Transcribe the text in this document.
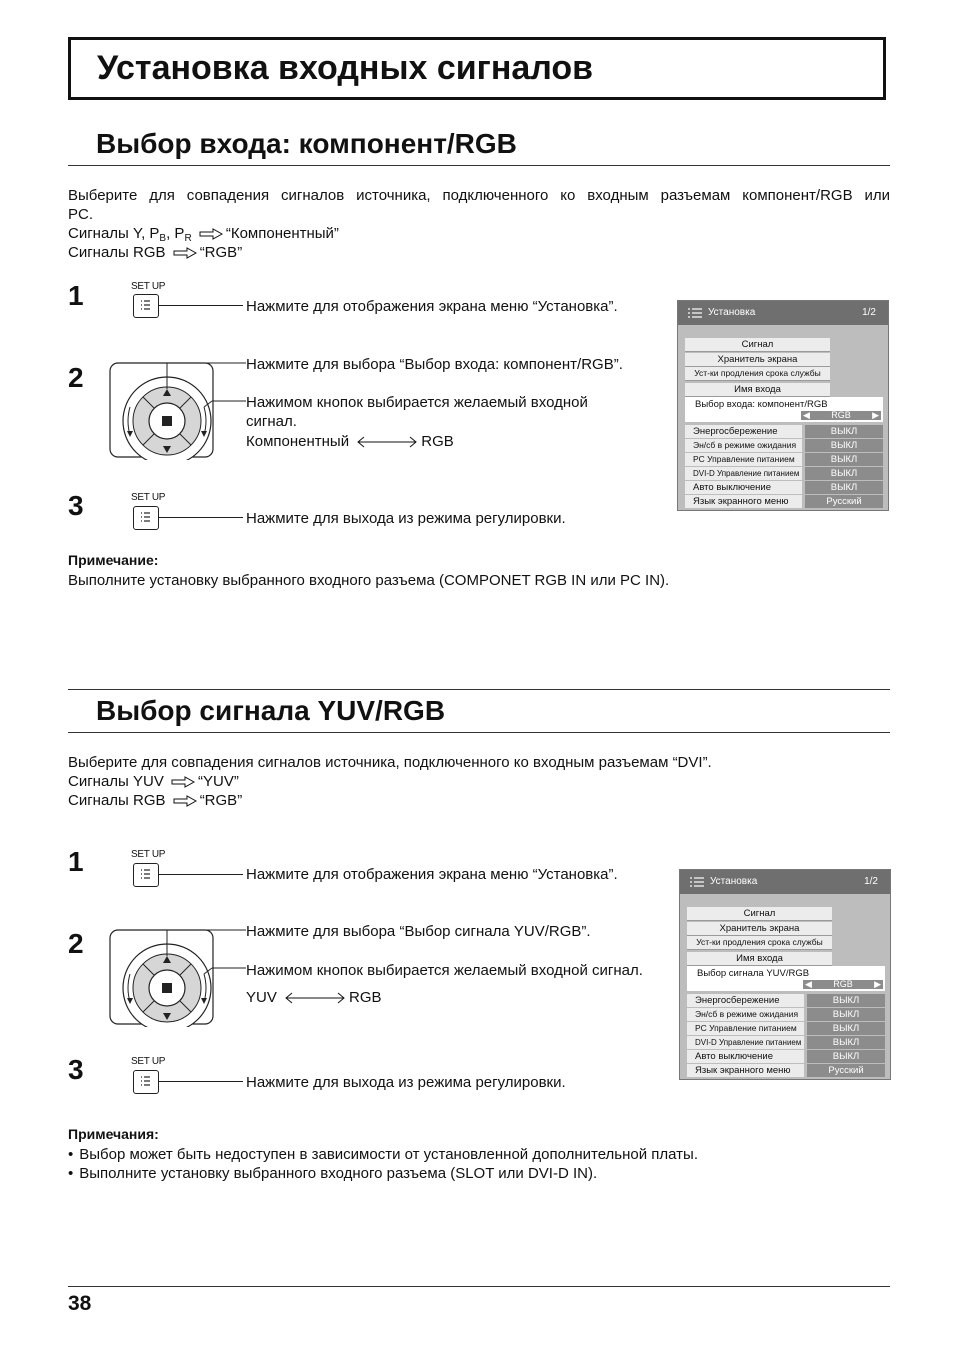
Установка входных сигналов
Выбор входа: компонент/RGB
Выберите для совпадения сигналов источника, подключенного ко входным разъемам компонент/RGB или
PC.
Сигналы Y, $P_B$, $P_R$ “Компонентный”
Сигналы RGB “RGB”
1	SET UP
Нажмите для отображения экрана меню “Установка”.
2	Нажмите для выбора “Выбор входа: компонент/RGB”.
Нажимом кнопок выбирается желаемый входной
сигнал.
Компонентный	RGB
3	SET UP
Нажмите для выхода из режима регулировки.
Установка	1/2
Сигнал
Хранитель экрана
Уст-ки продления срока службы
Имя входа
Выбор входа: компонент/RGB
◀ RGB ▶
Энергосбережение	ВЫКЛ
Эн/сб в режиме ожидания	ВЫКЛ
PC Управление питанием	ВЫКЛ
DVI-D Управление питанием	ВЫКЛ
Авто выключение	ВЫКЛ
Язык экранного меню	Русский
Примечание:
Выполните установку выбранного входного разъема (COMPONET RGB IN или PC IN).
Выбор сигнала YUV/RGB
Выберите для совпадения сигналов источника, подключенного ко входным разъемам “DVI”.
Сигналы YUV “YUV”
Сигналы RGB “RGB”
1	SET UP
Нажмите для отображения экрана меню “Установка”.
2	Нажмите для выбора “Выбор сигнала YUV/RGB”.
Нажимом кнопок выбирается желаемый входной сигнал.
YUV	RGB
3	SET UP
Нажмите для выхода из режима регулировки.
Установка	1/2
Сигнал
Хранитель экрана
Уст-ки продления срока службы
Имя входа
Выбор сигнала YUV/RGB
◀ RGB ▶
Энергосбережение	ВЫКЛ
Эн/сб в режиме ожидания	ВЫКЛ
PC Управление питанием	ВЫКЛ
DVI-D Управление питанием	ВЫКЛ
Авто выключение	ВЫКЛ
Язык экранного меню	Русский
Примечания:
• Выбор может быть недоступен в зависимости от установленной дополнительной платы.
• Выполните установку выбранного входного разъема (SLOT или DVI-D IN).
38
